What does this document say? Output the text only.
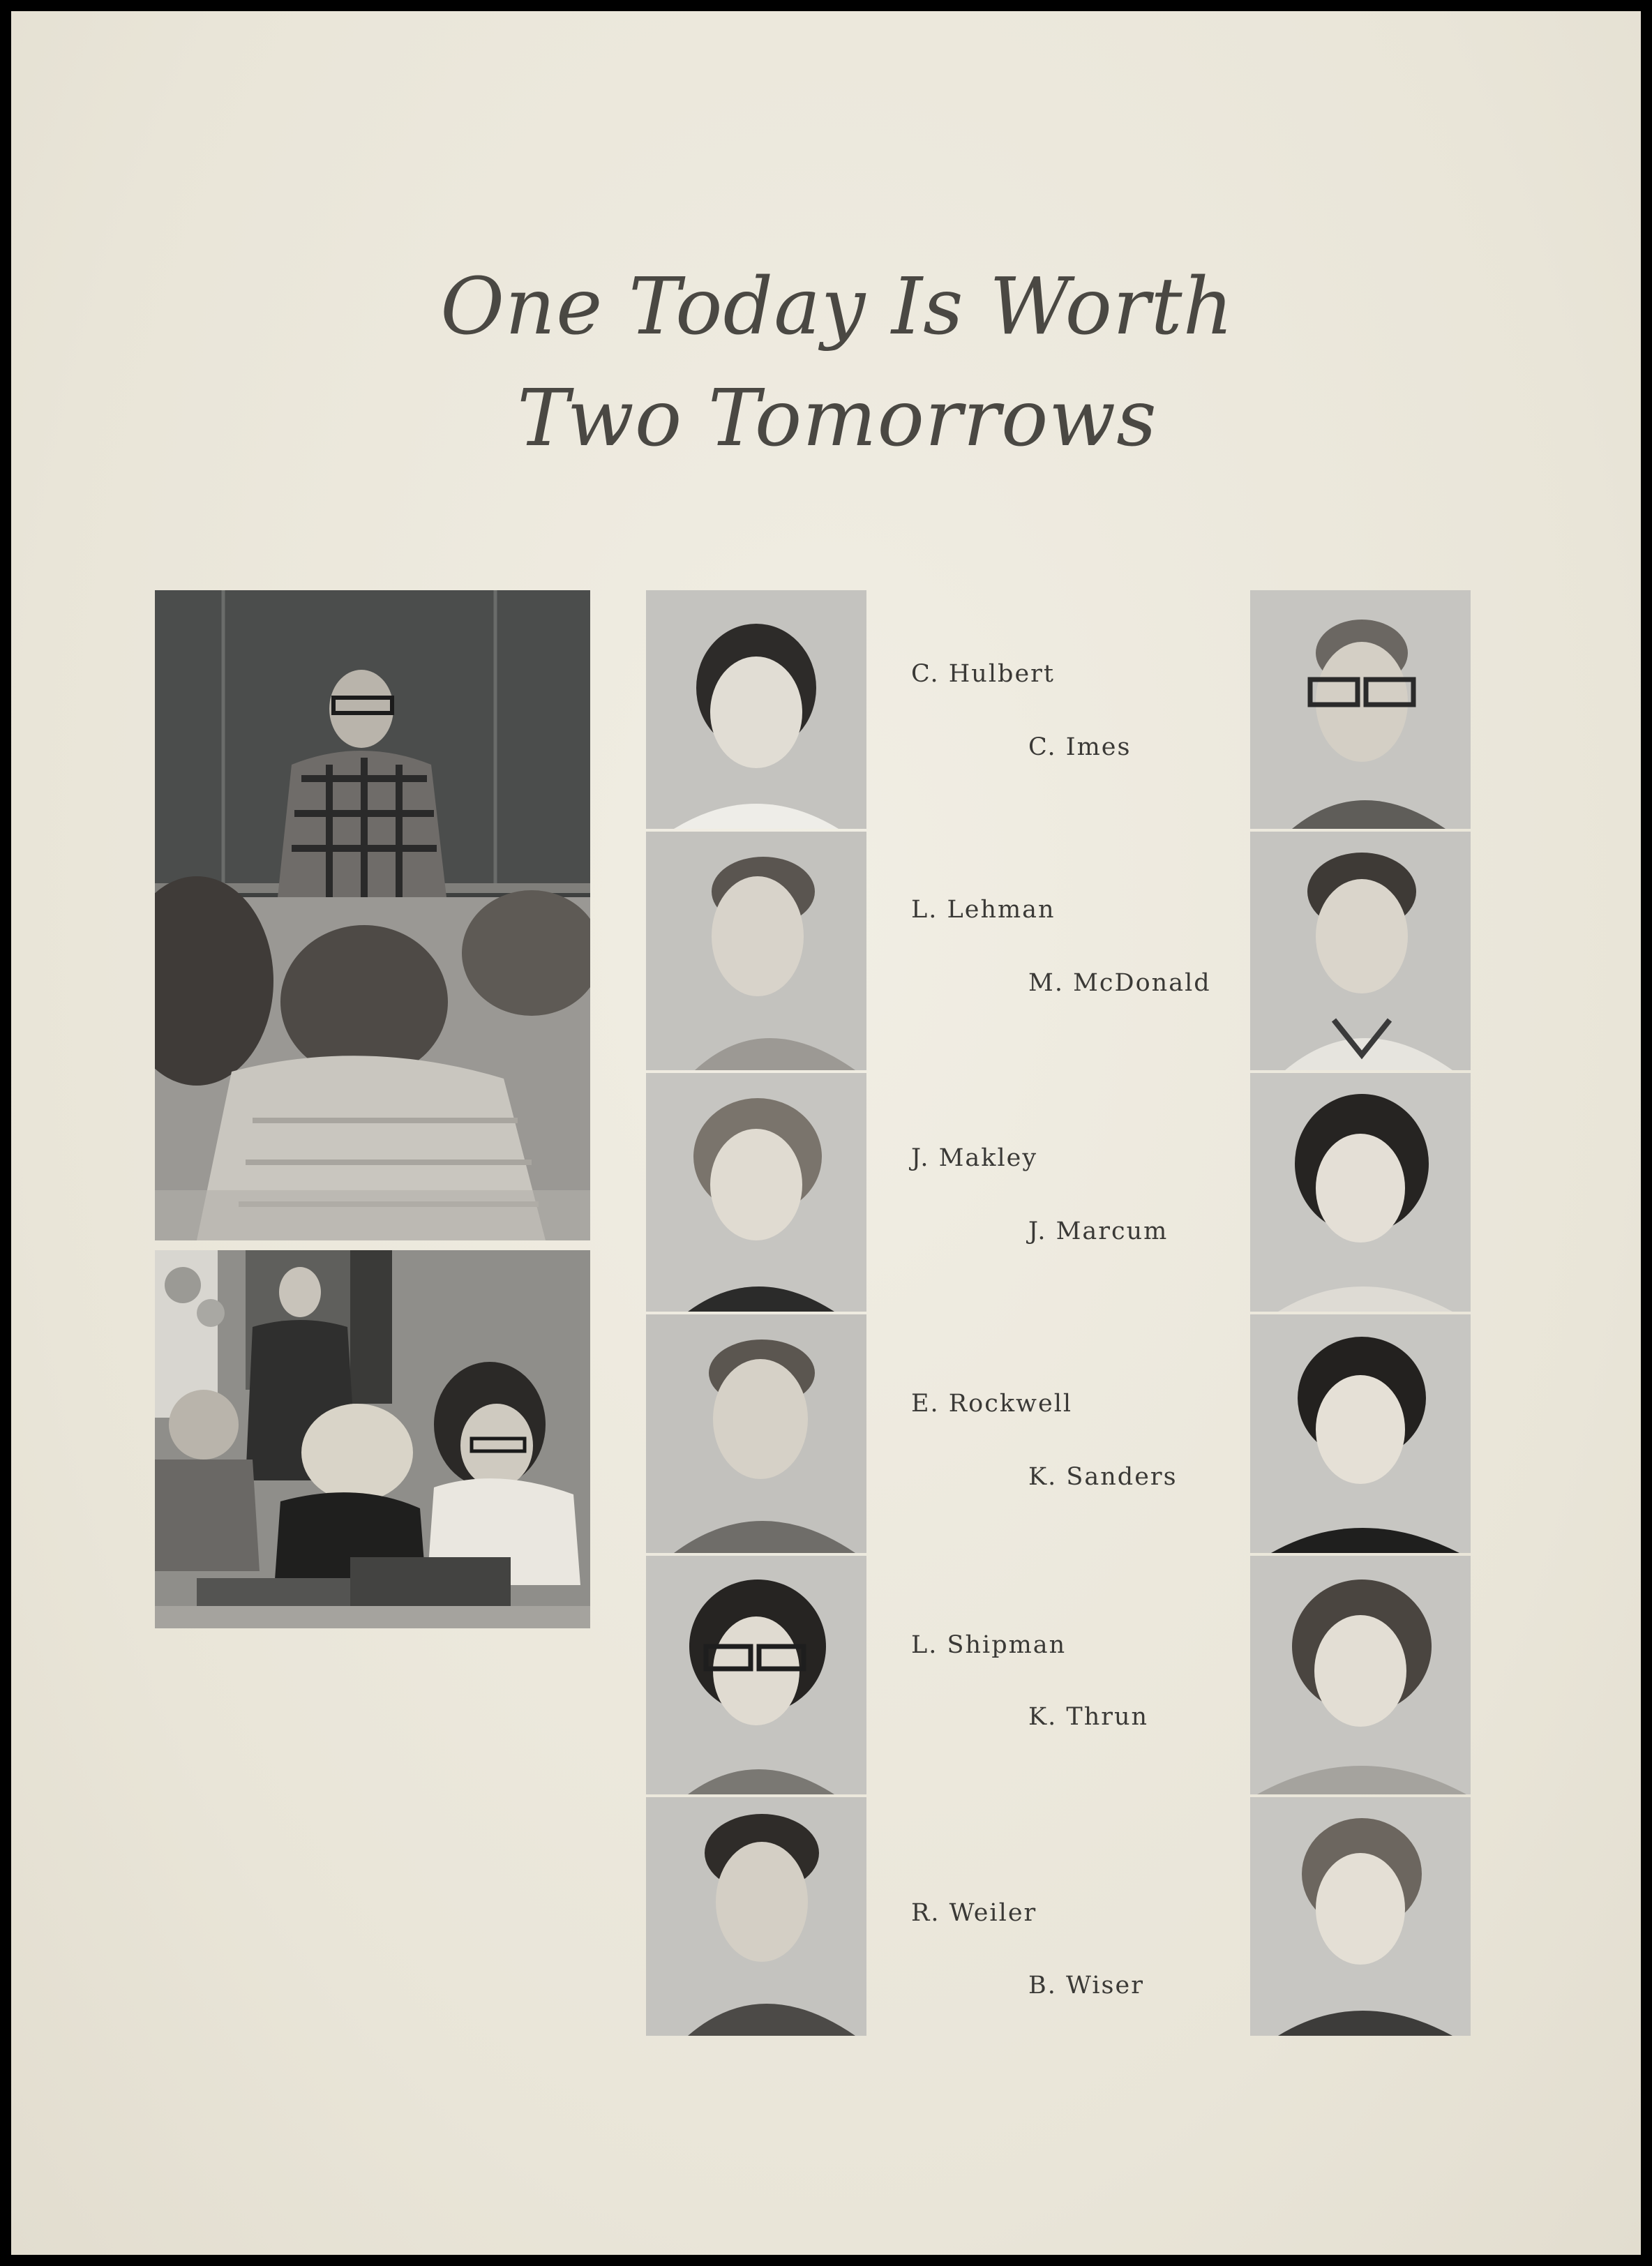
One Today Is Worth
Two Tomorrows
C. Hulbert
C. Imes
L. Lehman
M. McDonald
J. Makley
J. Marcum
E. Rockwell
K. Sanders
L. Shipman
K. Thrun
R. Weiler
B. Wiser
